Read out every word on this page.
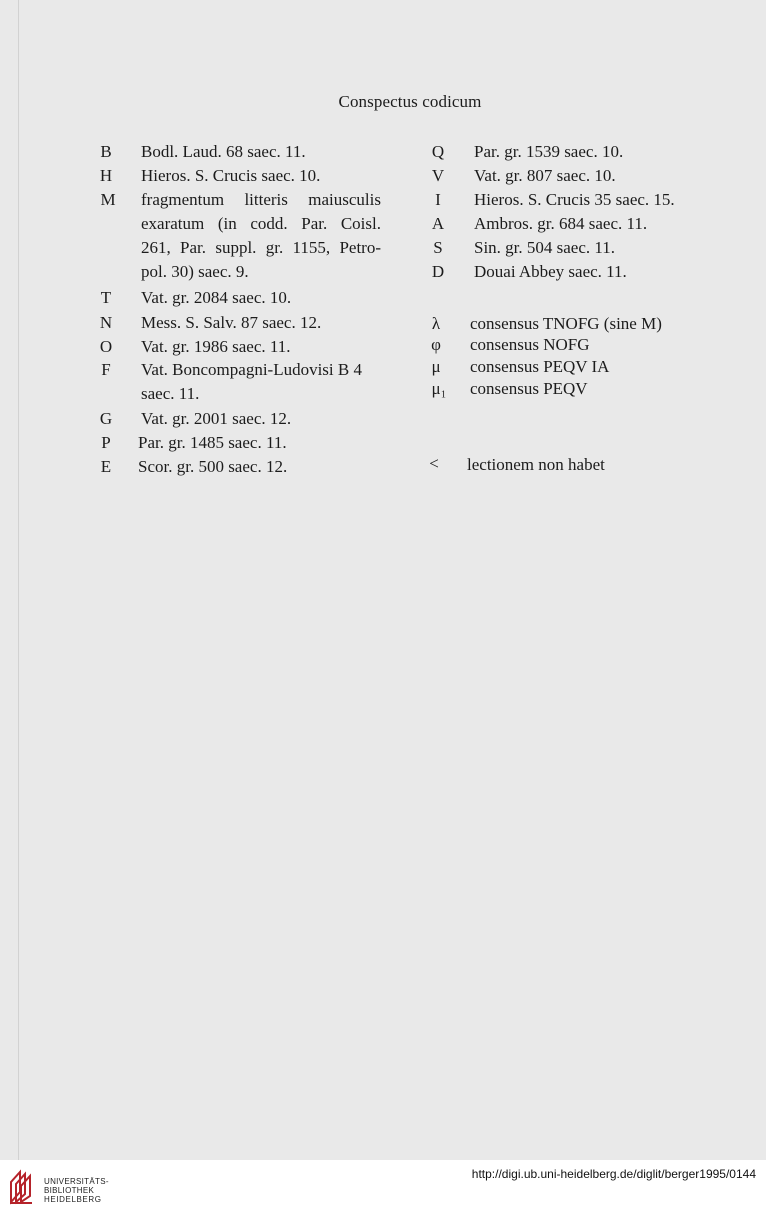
Conspectus codicum
B Bodl. Laud. 68 saec. 11.
H Hieros. S. Crucis saec. 10.
M fragmentum litteris maiusculis
exaratum (in codd. Par. Coisl.
261, Par. suppl. gr. 1155, Petro-
pol. 30) saec. 9.
T Vat. gr. 2084 saec. 10.
N Mess. S. Salv. 87 saec. 12.
O Vat. gr. 1986 saec. 11.
F	Vat. Boncompagni-Ludovisi B 4
saec. 11.
G Vat. gr. 2001 saec. 12.
P	Par. gr. 1485 saec. 11.
E Scor. gr. 500 saec. 12.
Q Par. gr. 1539 saec. 10.
V Vat. gr. 807 saec. 10.
I	Hieros. S. Crucis 35 saec. 15.
A Ambros. gr. 684 saec. 11.
S	Sin. gr. 504 saec. 11.
D Douai Abbey saec. 11.
λ	consensus TNOFG (sine M)
φ consensus NOFG
μ	consensus PEQV IA
μ₁ consensus PEQV
<	lectionem non habet
UNIVERSITÄTS-
BIBLIOTHEK
HEIDELBERG
http://digi.ub.uni-heidelberg.de/diglit/berger1995/0144
